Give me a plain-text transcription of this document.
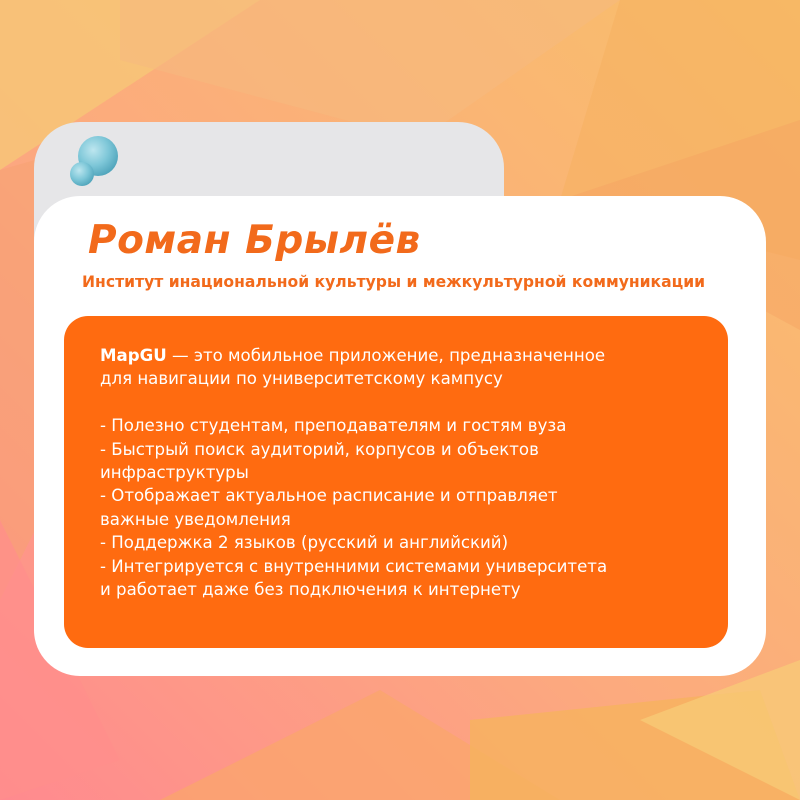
Роман Брылёв
Институт инациональной культуры и межкультурной коммуникации

MapGU — это мобильное приложение, предназначенное

для навигации по университетскому кампусу

- Полезно студентам, преподавателям и гостям вуза

- Быстрый поиск аудиторий, корпусов и объектов

инфраструктуры

- Отображает актуальное расписание и отправляет

важные уведомления

- Поддержка 2 языков (русский и английский)

- Интегрируется с внутренними системами университета

и работает даже без подключения к интернету
